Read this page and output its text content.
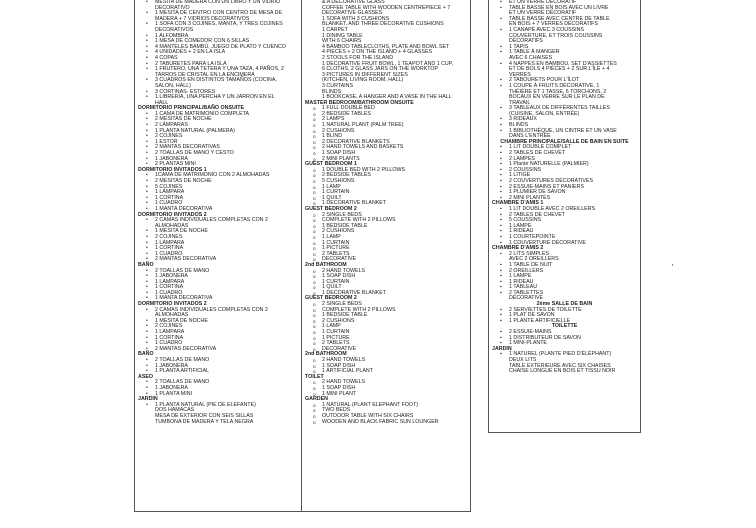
• MESITA DE MADERA CON UN LIBRO Y UN VIDRIO
DECORATIVO
• 1 MESITA DE CENTRO CON CENTRO DE MESA DE
MADERA + 7 VIDRIOS DECORATIVOS
• 1 SOFA CON 3 COJINES, MANTA, Y TRES COJINES
DECORATIVOS
• 1 ALFOMBRA
• 1 MESA DE COMEDOR CON 6 SILLAS
• 4 MANTELES BAMBÚ, JUEGO DE PLATO Y CUENCO
• 4 UNIDADES + 2 EN LA ISLA
• 4 COPAS
• 2 TABURETES PARA LA ISLA
• 1 FRUTERO, UNA TETERA Y UNA TAZA, 4 PAÑOS, 2
TARROS DE CRISTAL EN LA ENCIMERA
• 3 CUADROS EN DISTINTOS TAMAÑOS (COCINA,
SALON, HALL)
• 3 CORTINAS- ESTORES
• 1 LIBRERÍA, UNA PERCHA Y UN JARRON EN EL
HALL
DORMITORIO PRINCIPAL/BAÑO ONSUITE
• 1 CAMA DE MATRIMONIO COMPLETA
• 2 MESITAS DE NOCHE
• 2 LÁMPARAS
• 1 PLANTA NATURAL (PALMERA)
• 2 COJINES
• 1 ESTOR
• 2 MANTAS DECORATIVAS
• 2 TOALLAS DE MANO Y CESTO
• 1 JABONERA
• 2 PLANTAS MINI
DORMITORIO INVITADOS 1
• 1CAMA DE MATRIMONIO CON 2 ALMOHADAS
• 2 MESITAS DE NOCHE
• 5 COJINES
• 1 LÁMPARA
• 1 CORTINA
• 1 CUADRO
• 1 MANTA DECORATIVA
DORMITORIO INVITADOS 2
• 2 CAMAS INDIVIDUALES COMPLETAS CON 2
ALMOHADAS
• 1 MESITA DE NOCHE
• 2 COJINES
• 1 LÁMPARA
• 1 CORTINA
• 1 CUADRO
• 2 MANTAS DECORATIVA
BAÑO
• 2 TOALLAS DE MANO
• 1 JABONERA
• 1 LÁMPARA
• 1 CORTINA
• 1 CUADRO
• 1 MANTA DECORATIVA
DORMITORIO INVITADOS 2
• 2 CAMAS INDIVIDUALES COMPLETAS CON 2
ALMOHADAS
• 1 MESITA DE NOCHE
• 2 COJINES
• 1 LÁMPARA
• 1 CORTINA
• 1 CUADRO
• 2 MANTAS DECORATIVA
BAÑO
• 2 TOALLAS DE MANO
• 1 JABONERA
• 1 PLANTA ARTIFICIAL
ASEO
• 2 TOALLAS DE MANO
• 1 JABONERA
• 1 PLANTA MINI
JARDIN
• 1 PLANTA NATURAL (PIE DE ELEFANTE)
DOS HAMACAS
MESA DE EXTERIOR CON SEIS SILLAS
TUMBONA DE MADERA Y TELA NEGRA
& A DECORATIVE GLASS
COFFEE TABLE WITH WOODEN CENTREPIECE + 7
DECORATIVE GLASSES
1 SOFA WITH 3 CUSHIONS
BLANKET, AND THREE DECORATIVE CUSHIONS
1 CARPET
1 DINING TABLE
WITH 6 CHAIRS
4 BAMBOO TABLECLOTHS, PLATE AND BOWL SET
4 PIECES + 2 ON THE ISLAND + 4 GLASSES
2 STOOLS FOR THE ISLAND
1 DECORATIVE FRUIT BOWL, 1 TEAPOT AND 1 CUP,
6 CLOTHS, 2 GLASS JARS ON THE WORKTOP
3 PICTURES IN DIFFERENT SIZES
(KITCHEN, LIVING ROOM, HALL)
3 CURTAINS
BLINDS
1 BOOKCASE, A HANGER AND A VASE IN THE HALL
MASTER BEDROOM/BATHROOM ONSUITE
o 1 FULL DOUBLE BED
o 2 BEDSIDE TABLES
o 2 LAMPS
o 1 NATURAL PLANT (PALM TREE)
o 2 CUSHIONS
o 1 BLIND
o 2 DECORATIVE BLANKETS
o 2 HAND TOWELS AND BASKETS
o 1 SOAP DISH
o 2 MINI PLANTS
GUEST BEDROOM 1
o 1 DOUBLE BED WITH 2 PILLOWS
o 2 BEDSIDE TABLES
o 5 CUSHIONS
o 1 LAMP
o 1 CURTAIN
o 1 QUILT
o 1 DECORATIVE BLANKET
GUEST BEDROOM 2
o 2 SINGLE BEDS
o COMPLETE WITH 2 PILLOWS
o 1 BEDSIDE TABLE
o 2 CUSHIONS
o 1 LAMP
o 1 CURTAIN
o 1 PICTURE
o 2 TABLETS
o DECORATIVE
2nd BATHROOM
o 2 HAND TOWELS
o 1 SOAP DISH
o 1 CURTAIN
o 1 QUILT
o 1 DECORATIVE BLANKET
GUEST BEDROOM 2
o 2 SINGLE BEDS
o COMPLETE WITH 2 PILLOWS
o 1 BEDSIDE TABLE
o 2 CUSHIONS
o 1 LAMP
o 1 CURTAIN
o 1 PICTURE
o 2 TABLETS
o DECORATIVE
2nd BATHROOM
o 2 HAND TOWELS
o 1 SOAP DISH
o 1 ARTIFICIAL PLANT
TOILET
o 2 HAND TOWELS
o 1 SOAP DISH
o 1 MINI PLANT
GARDEN
o 1 NATURAL (PLANT ELEPHANT FOOT)
o TWO BEDS
o OUTDOOR TABLE WITH SIX CHAIRS
o WOODEN AND BLACK FABRIC SUN LOUNGER
▪ ET UN VERRE DÉCORATIF
▪ TABLE BASSE EN BOIS AVEC UN LIVRE
ET UN VERRE DÉCORATIF
▪ TABLE BASSE AVEC CENTRE DE TABLE
EN BOIS + 7 VERRES DÉCORATIFS
▪ 1 CANAPÉ AVEC 3 COUSSINS
COUVERTURE, ET TROIS COUSSINS
DÉCORATIFS
▪ 1 TAPIS
▪ 1 TABLE À MANGER
AVEC 6 CHAISES
▪ 4 NAPPES EN BAMBOU, SET D'ASSIETTES
ET DE BOLS 4 PIÈCES + 2 SUR L'ÎLE + 4
VERRES
▪ 2 TABOURETS POUR L'ÎLOT
▪ 1 COUPE À FRUITS DÉCORATIVE, 1
THÉIÈRE ET 1 TASSE, 6 TORCHONS, 2
BOCAUX EN VERRE SUR LE PLAN DE
TRAVAIL
▪ 3 TABLEAUX DE DIFFÉRENTES TAILLES
(CUISINE, SALON, ENTRÉE)
▪ 3 RIDEAUX
▪ BLINDS
▪ 1 BIBLIOTHÈQUE, UN CINTRE ET UN VASE
DANS L'ENTRÉE
CHAMBRE PRINCIPALE/SALLE DE BAIN EN SUITE
▪ 1 LIT DOUBLE COMPLET
▪ 2 TABLES DE CHEVET
▪ 2 LAMPES
▪ 1 Plante NATURELLE (PALMIER)
▪ 2 COUSSINS
▪ 1 LITIGE
▪ 2 COUVERTURES DÉCORATIVES
▪ 2 ESSUIE-MAINS ET PANIERS
▪ 1 PLUMIER DE SAVON
▪ 2 MINI PLANTES
CHAMBRE D'AMIS 1
▪ 1 LIT DOUBLE AVEC 2 OREILLERS
▪ 2 TABLES DE CHEVET
▪ 5 COUSSINS
▪ 1 LAMPE
▪ 1 RIDEAU
▪ 1 COURTEPOINTE
▪ 1 COUVERTURE DÉCORATIVE
CHAMBRE D'AMIS 2
▪ 2 LITS SIMPLES
AVEC 2 OREILLERS
▪ 1 TABLE DE NUIT
▪ 2 OREILLERS
▪ 1 LAMPE
▪ 1 RIDEAU
▪ 1 TABLEAU
▪ 2 TABLETTES
DÉCORATIVE
2ème SALLE DE BAIN
▪ 2 SERVIETTES DE TOILETTE
▪ 1 PLAT DE SAVON
▪ 1 PLANTE ARTIFICIELLE
TOILETTE
▪ 2 ESSUIE-MAINS
▪ 1 DISTRIBUTEUR DE SAVON
▪ 1 MINI-PLANTE
JARDIN
▪ 1 NATUREL (PLANTE PIED D'ÉLÉPHANT)
DEUX LITS
TABLE EXTÉRIEURE AVEC SIX CHAISES
CHAISE LONGUE EN BOIS ET TISSU NOIR
